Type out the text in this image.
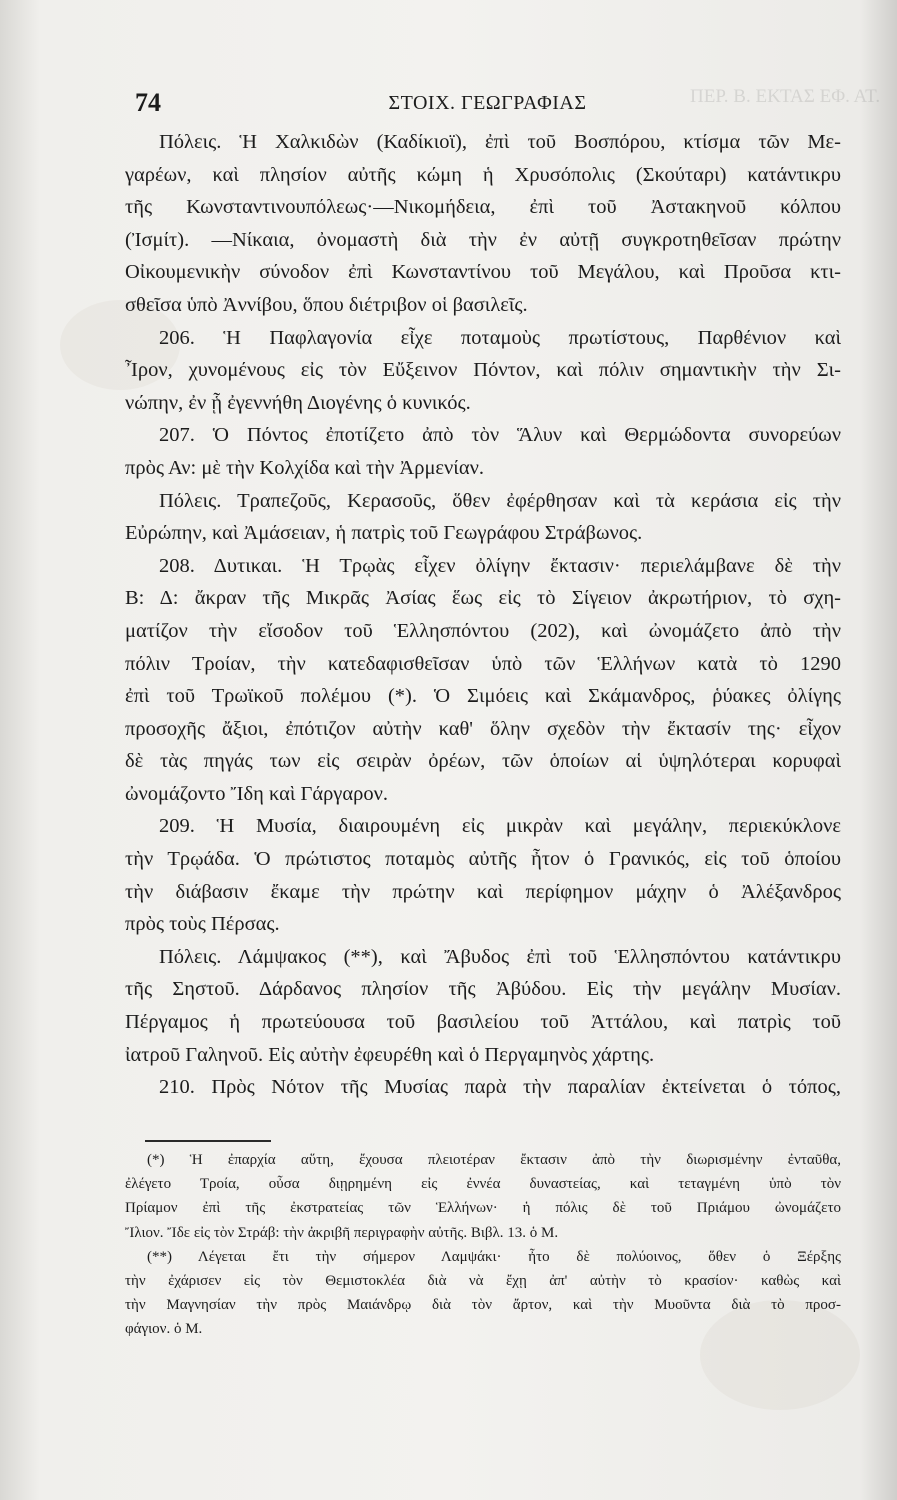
ΠΕΡ. Β. ΕΚΤΑΣ ΕΦ. ΑΤ.
74	ΣΤΟΙΧ. ΓΕΩΓΡΑΦΙΑΣ
Πόλεις. Ἡ Χαλκιδὼν (Καδίκιοϊ), ἐπὶ τοῦ Βοσπόρου, κτίσμα τῶν Με-
γαρέων, καὶ πλησίον αὐτῆς κώμη ἡ Χρυσόπολις (Σκούταρι) κατάντικρυ
τῆς Κωνσταντινουπόλεως·—Νικομήδεια, ἐπὶ τοῦ Ἀστακηνοῦ κόλπου
(Ἰσμίτ). —Νίκαια, ὀνομαστὴ διὰ τὴν ἐν αὐτῇ συγκροτηθεῖσαν πρώτην
Οἰκουμενικὴν σύνοδον ἐπὶ Κωνσταντίνου τοῦ Μεγάλου, καὶ Προῦσα κτι-
σθεῖσα ὑπὸ Ἀννίβου, ὅπου διέτριβον οἱ βασιλεῖς.
206. Ἡ Παφλαγονία εἶχε ποταμοὺς πρωτίστους, Παρθένιον καὶ
Ἶρον, χυνομένους εἰς τὸν Εὔξεινον Πόντον, καὶ πόλιν σημαντικὴν τὴν Σι-
νώπην, ἐν ᾗ ἐγεννήθη Διογένης ὁ κυνικός.
207. Ὁ Πόντος ἐποτίζετο ἀπὸ τὸν Ἅλυν καὶ Θερμώδοντα συνορεύων
πρὸς Αν: μὲ τὴν Κολχίδα καὶ τὴν Ἀρμενίαν.
Πόλεις. Τραπεζοῦς, Κερασοῦς, ὅθεν ἐφέρθησαν καὶ τὰ κεράσια εἰς τὴν
Εὐρώπην, καὶ Ἀμάσειαν, ἡ πατρὶς τοῦ Γεωγράφου Στράβωνος.
208. Δυτικαι. Ἡ Τρῳὰς εἶχεν ὀλίγην ἔκτασιν· περιελάμβανε δὲ τὴν
Β: Δ: ἄκραν τῆς Μικρᾶς Ἀσίας ἕως εἰς τὸ Σίγειον ἀκρωτήριον, τὸ σχη-
ματίζον τὴν εἴσοδον τοῦ Ἑλλησπόντου (202), καὶ ὠνομάζετο ἀπὸ τὴν
πόλιν Τροίαν, τὴν κατεδαφισθεῖσαν ὑπὸ τῶν Ἑλλήνων κατὰ τὸ 1290
ἐπὶ τοῦ Τρωϊκοῦ πολέμου (*). Ὁ Σιμόεις καὶ Σκάμανδρος, ῥύακες ὀλίγης
προσοχῆς ἄξιοι, ἐπότιζον αὐτὴν καθ' ὅλην σχεδὸν τὴν ἔκτασίν της· εἶχον
δὲ τὰς πηγάς των εἰς σειρὰν ὀρέων, τῶν ὁποίων αἱ ὑψηλότεραι κορυφαὶ
ὠνομάζοντο Ἴδη καὶ Γάργαρον.
209. Ἡ Μυσία, διαιρουμένη εἰς μικρὰν καὶ μεγάλην, περιεκύκλονε
τὴν Τρῳάδα. Ὁ πρώτιστος ποταμὸς αὐτῆς ἦτον ὁ Γρανικός, εἰς τοῦ ὁποίου
τὴν διάβασιν ἔκαμε τὴν πρώτην καὶ περίφημον μάχην ὁ Ἀλέξανδρος
πρὸς τοὺς Πέρσας.
Πόλεις. Λάμψακος (**), καὶ Ἄβυδος ἐπὶ τοῦ Ἑλλησπόντου κατάντικρυ
τῆς Σηστοῦ. Δάρδανος πλησίον τῆς Ἀβύδου. Εἰς τὴν μεγάλην Μυσίαν.
Πέργαμος ἡ πρωτεύουσα τοῦ βασιλείου τοῦ Ἀττάλου, καὶ πατρὶς τοῦ
ἰατροῦ Γαληνοῦ. Εἰς αὐτὴν ἐφευρέθη καὶ ὁ Περγαμηνὸς χάρτης.
210. Πρὸς Νότον τῆς Μυσίας παρὰ τὴν παραλίαν ἐκτείνεται ὁ τόπος,
(*) Ἡ ἐπαρχία αὕτη, ἔχουσα πλειοτέραν ἔκτασιν ἀπὸ τὴν διωρισμένην ἐνταῦθα,
ἐλέγετο Τροία, οὖσα διῃρημένη εἰς ἐννέα δυναστείας, καὶ τεταγμένη ὑπὸ τὸν
Πρίαμον ἐπὶ τῆς ἐκστρατείας τῶν Ἑλλήνων· ἡ πόλις δὲ τοῦ Πριάμου ὠνομάζετο
Ἴλιον. Ἴδε εἰς τὸν Στράβ: τὴν ἀκριβῆ περιγραφὴν αὐτῆς. Βιβλ. 13. ὁ Μ.
(**) Λέγεται ἔτι τὴν σήμερον Λαμψάκι· ἦτο δὲ πολύοινος, ὅθεν ὁ Ξέρξης
τὴν ἐχάρισεν εἰς τὸν Θεμιστοκλέα διὰ νὰ ἔχῃ ἀπ' αὐτὴν τὸ κρασίον· καθὼς καὶ
τὴν Μαγνησίαν τὴν πρὸς Μαιάνδρῳ διὰ τὸν ἄρτον, καὶ τὴν Μυοῦντα διὰ τὸ προσ-
φάγιον. ὁ Μ.
